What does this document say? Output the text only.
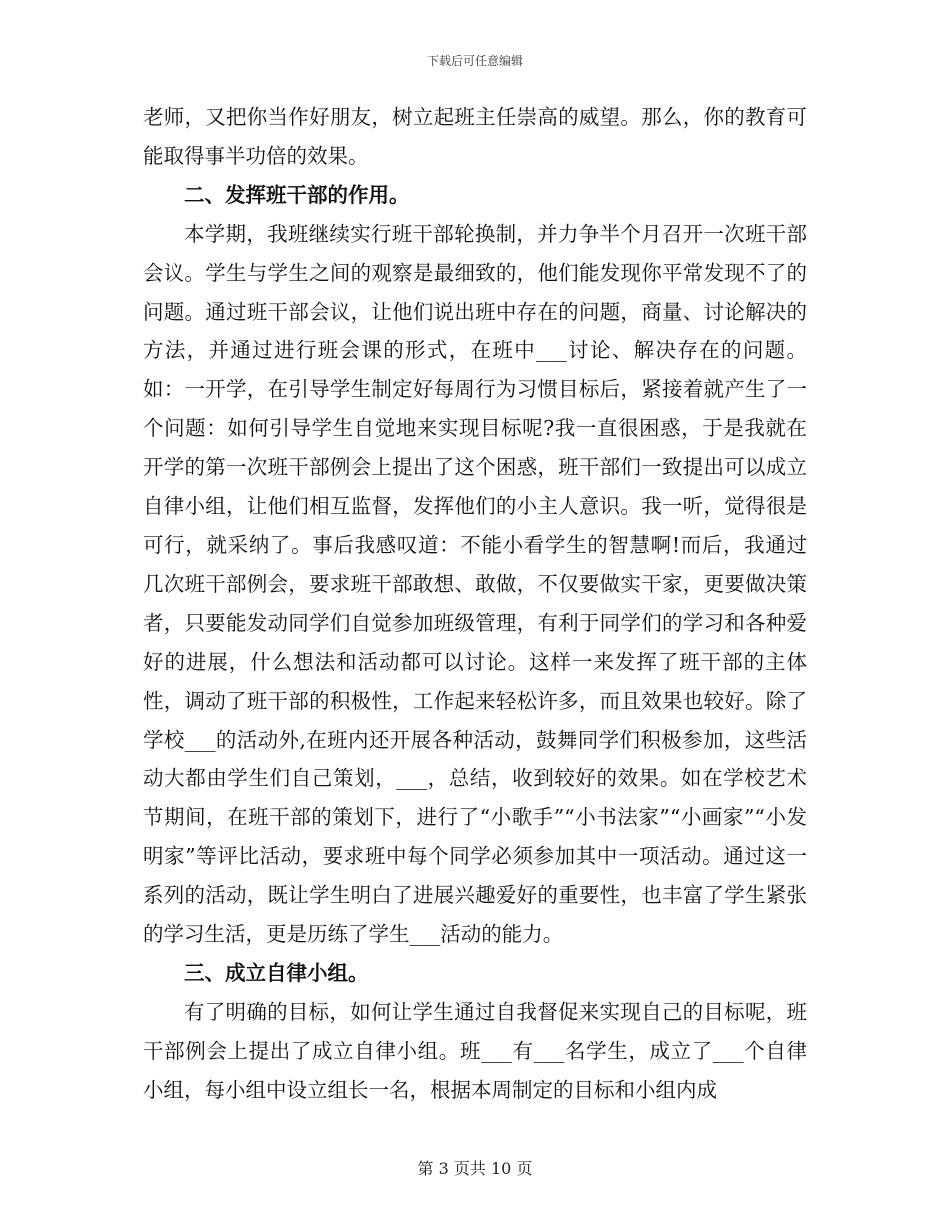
下载后可任意编辑

老师，又把你当作好朋友，树立起班主任崇高的威望。那么，你的教育可能取得事半功倍的效果。

二、发挥班干部的作用。

本学期，我班继续实行班干部轮换制，并力争半个月召开一次班干部会议。学生与学生之间的观察是最细致的，他们能发现你平常发现不了的问题。通过班干部会议，让他们说出班中存在的问题，商量、讨论解决的方法，并通过进行班会课的形式，在班中___讨论、解决存在的问题。如：一开学，在引导学生制定好每周行为习惯目标后，紧接着就产生了一个问题：如何引导学生自觉地来实现目标呢?我一直很困惑，于是我就在开学的第一次班干部例会上提出了这个困惑，班干部们一致提出可以成立自律小组，让他们相互监督，发挥他们的小主人意识。我一听，觉得很是可行，就采纳了。事后我感叹道：不能小看学生的智慧啊!而后，我通过几次班干部例会，要求班干部敢想、敢做，不仅要做实干家，更要做决策者，只要能发动同学们自觉参加班级管理，有利于同学们的学习和各种爱好的进展，什么想法和活动都可以讨论。这样一来发挥了班干部的主体性，调动了班干部的积极性，工作起来轻松许多，而且效果也较好。除了学校___的活动外,在班内还开展各种活动，鼓舞同学们积极参加，这些活动大都由学生们自己策划，___，总结，收到较好的效果。如在学校艺术节期间，在班干部的策划下，进行了“小歌手”“小书法家”“小画家”“小发明家”等评比活动，要求班中每个同学必须参加其中一项活动。通过这一系列的活动，既让学生明白了进展兴趣爱好的重要性，也丰富了学生紧张的学习生活，更是历练了学生___活动的能力。

三、成立自律小组。

有了明确的目标，如何让学生通过自我督促来实现自己的目标呢，班干部例会上提出了成立自律小组。班___有___名学生，成立了___个自律小组，每小组中设立组长一名，根据本周制定的目标和小组内成

第 3 页共 10 页
